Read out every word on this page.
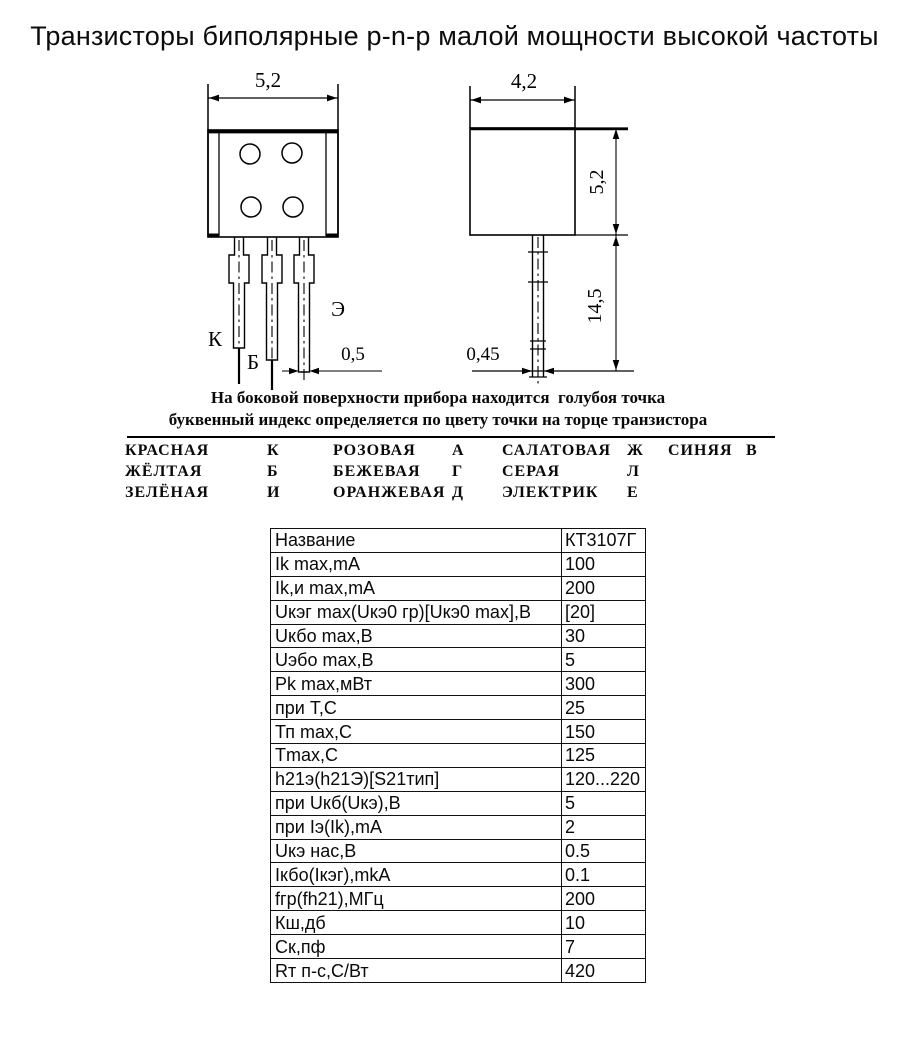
Транзисторы биполярные p-n-p малой мощности высокой частоты
5,2
0,5
К
Б
Э
4,2
5,2
14,5
0,45
На боковой поверхности прибора находится  голубоя точка
буквенный индекс определяется по цвету точки на торце транзистора
КРАСНАЯ	К	РОЗОВАЯ А САЛАТОВАЯ Ж СИНЯЯ В
ЖЁЛТАЯ	Б	БЕЖЕВАЯ Г СЕРАЯ	Л
ЗЕЛЁНАЯ	И	ОРАНЖЕВАЯ Д ЭЛЕКТРИК Е
Название	КТ3107Г
Ik max,mA	100
Ik,и max,mA	200
Uкэг max(Uкэ0 гр)[Uкэ0 max],В	[20]
Uкбо max,В	30
Uэбо max,В	5
Pk max,мВт	300
при T,C	25
Тп max,C	150
Tmax,C	125
h21э(h21Э)[S21тип]	120...220
при Uкб(Uкэ),В	5
при Iэ(Ik),mA	2
Uкэ нас,В	0.5
Iкбо(Iкэг),mkA	0.1
fгр(fh21),МГц	200
Кш,дб	10
Ск,пф	7
Rт п-с,С/Вт	420
